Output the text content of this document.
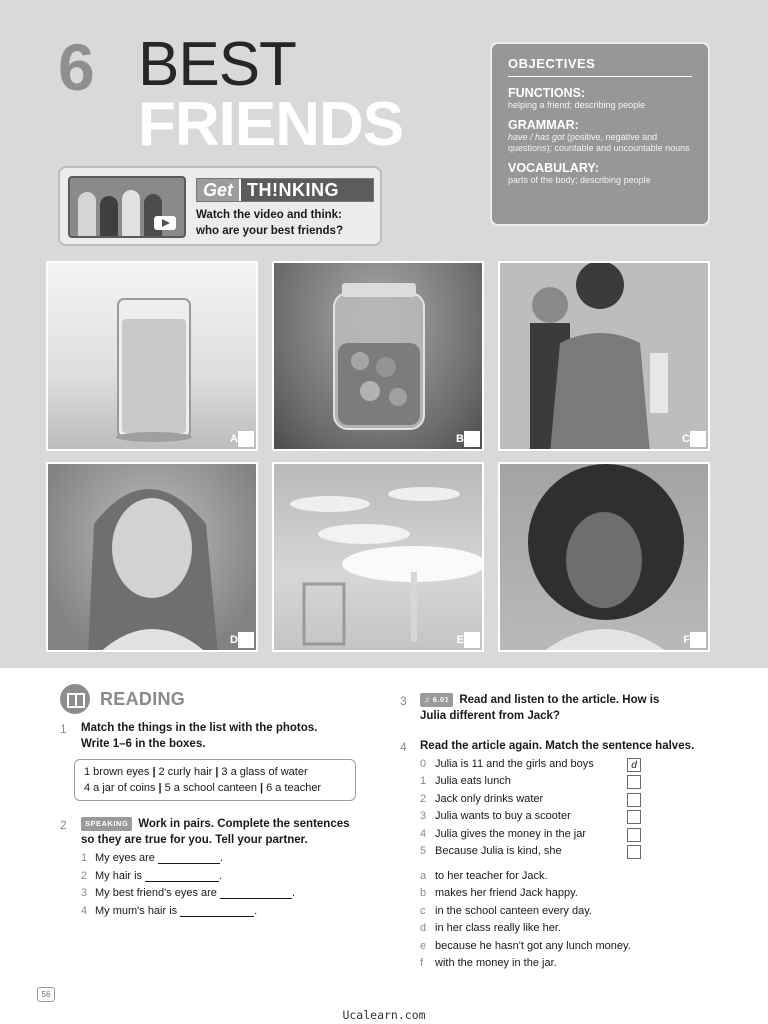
6 BEST
FRIENDS
OBJECTIVES
FUNCTIONS:
helping a friend; describing people
GRAMMAR:
have / has got (positive, negative and questions); countable and uncountable nouns
VOCABULARY:
parts of the body; describing people
Get TH!NKING
Watch the video and think:
who are your best friends?
A	B	C
D	E	F
READING
1 Match the things in the list with the photos.
Write 1–6 in the boxes.
1 brown eyes | 2 curly hair | 3 a glass of water
4 a jar of coins | 5 a school canteen | 6 a teacher
2	SPEAKING Work in pairs. Complete the sentences
so they are true for you. Tell your partner.
1 My eyes are	.
2 My hair is	.
3 My best friend's eyes are	.
4 My mum's hair is	.
3	♫ 6.01 Read and listen to the article. How is
Julia different from Jack?
4 Read the article again. Match the sentence halves.
0 Julia is 11 and the girls and boys	d
1 Julia eats lunch
2 Jack only drinks water
3 Julia wants to buy a scooter
4 Julia gives the money in the jar
5 Because Julia is kind, she
a to her teacher for Jack.
b makes her friend Jack happy.
c in the school canteen every day.
d in her class really like her.
e because he hasn't got any lunch money.
f	with the money in the jar.
56
Ucalearn.com
